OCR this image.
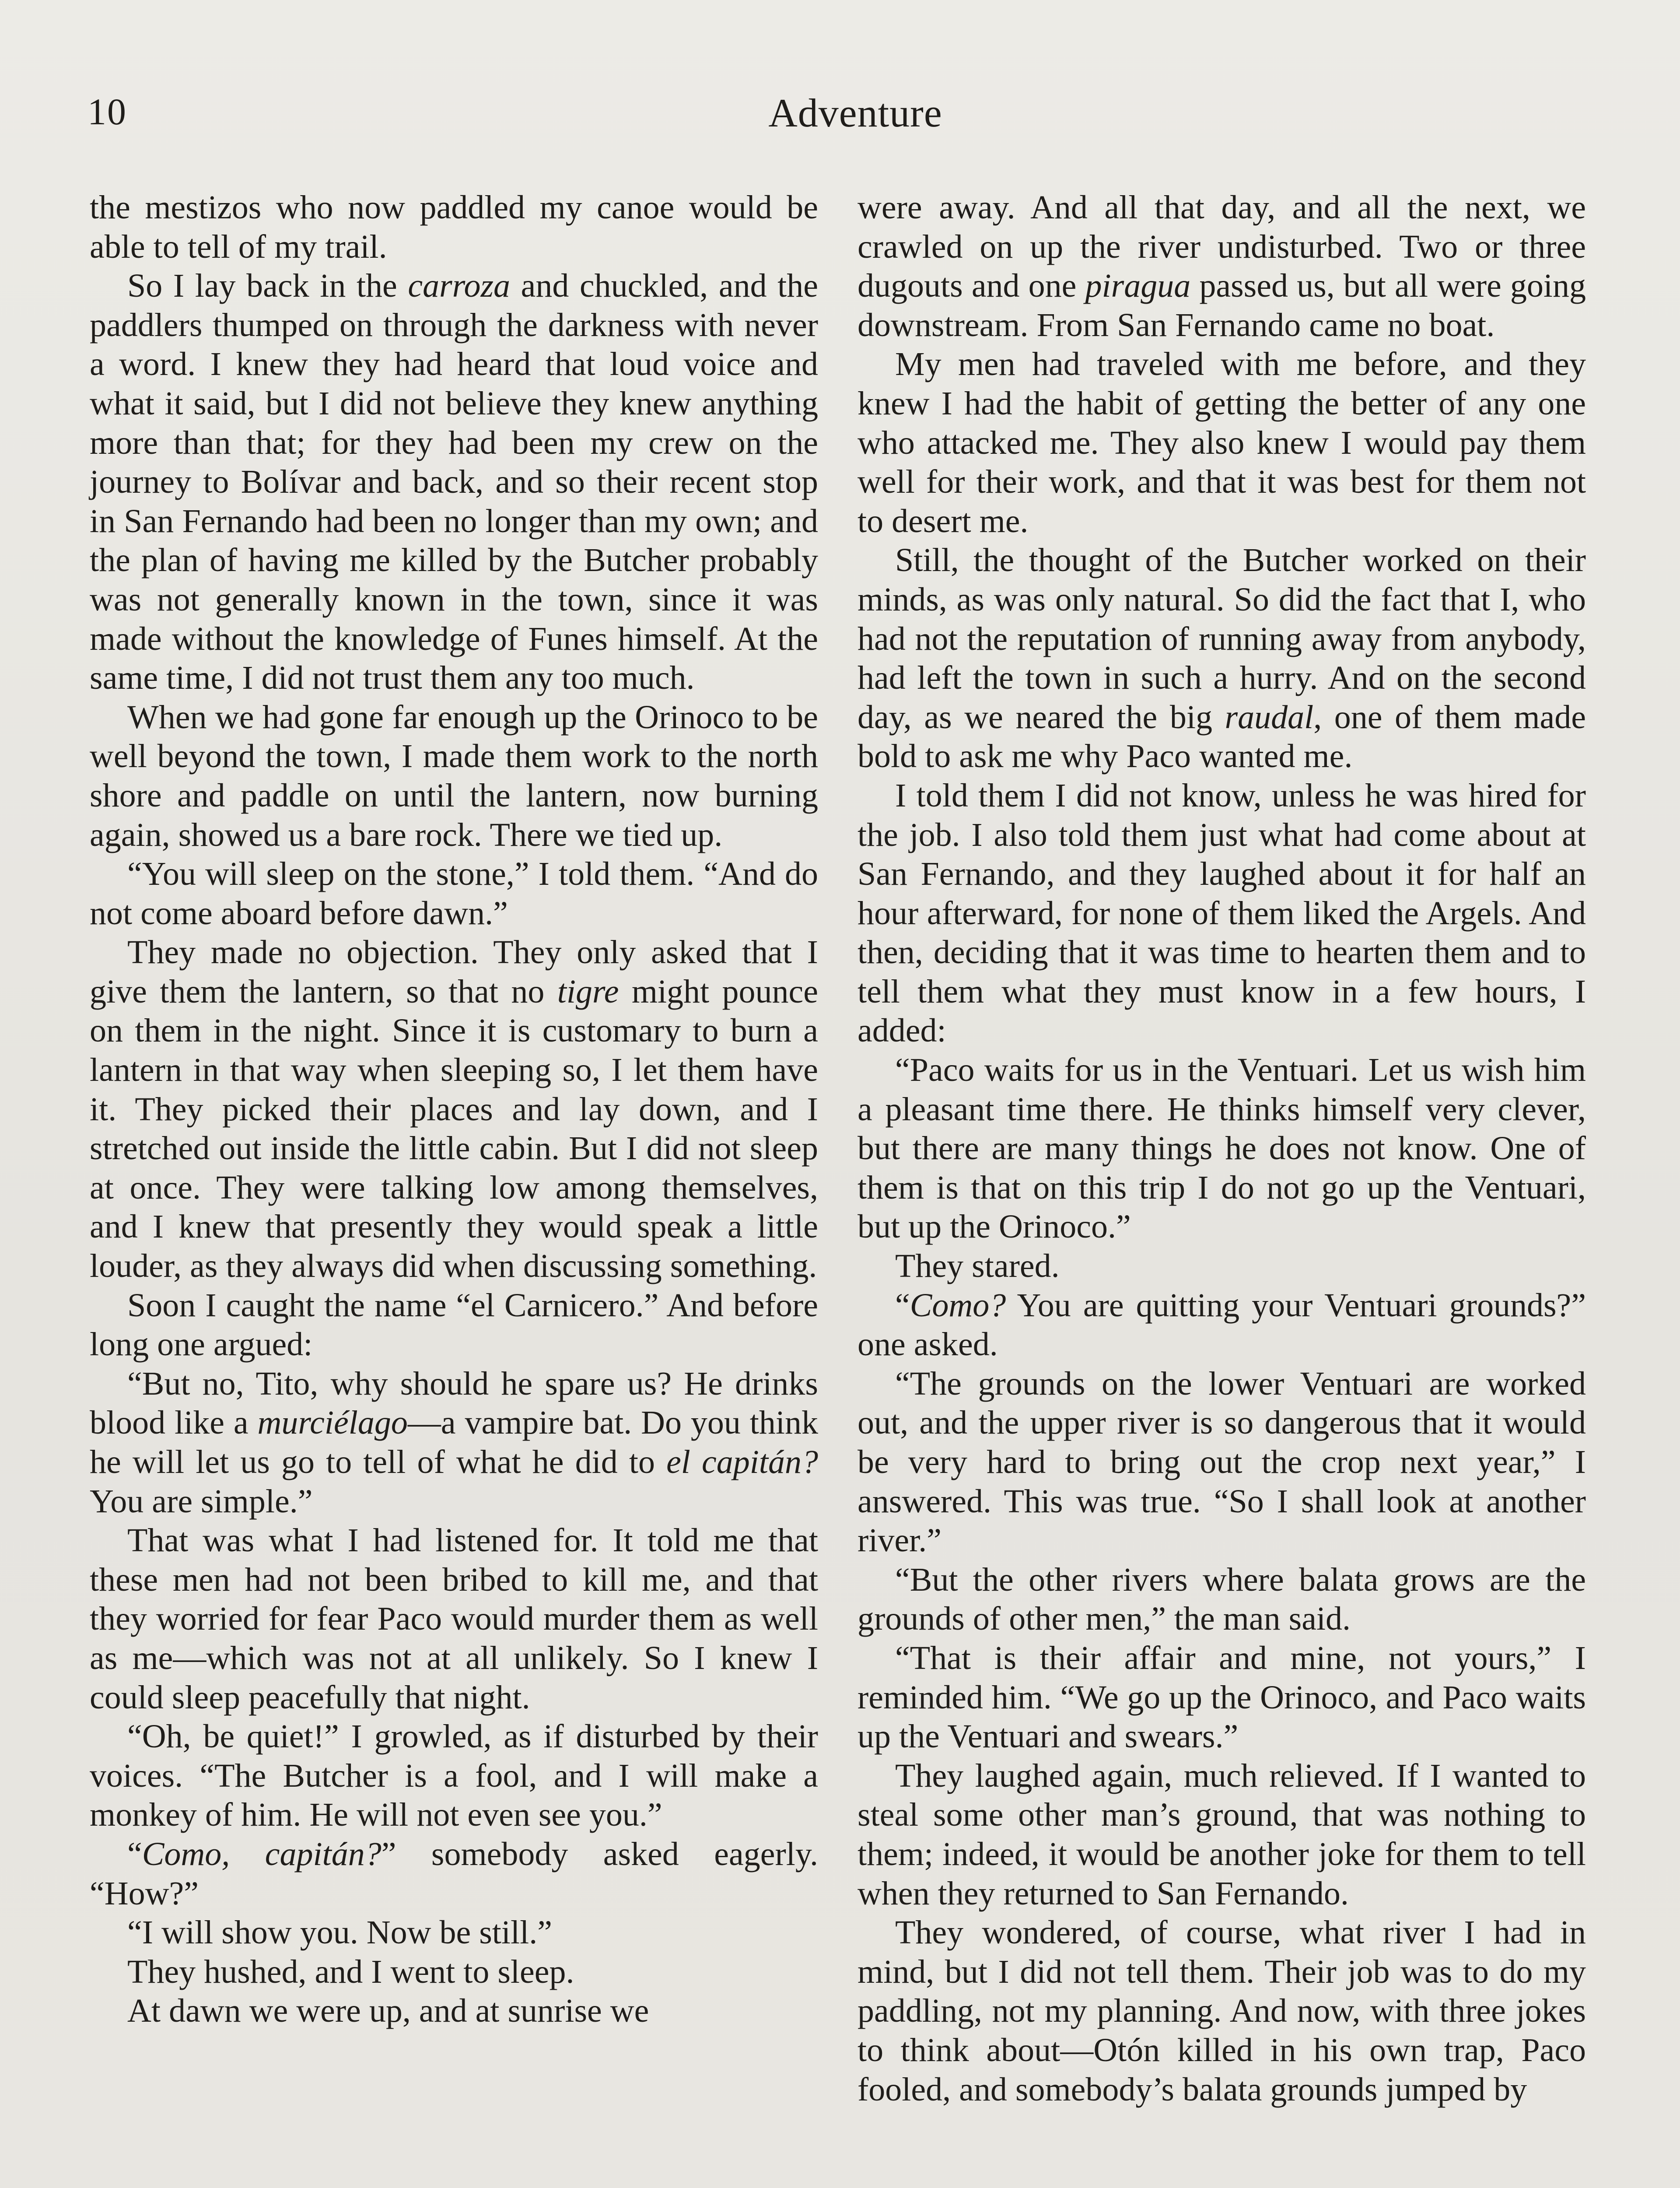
10	Adventure

the mestizos who now paddled my canoe would be able to tell of my trail.

So I lay back in the carroza and chuckled, and the paddlers thumped on through the darkness with never a word. I knew they had heard that loud voice and what it said, but I did not believe they knew anything more than that; for they had been my crew on the journey to Bolívar and back, and so their recent stop in San Fernando had been no longer than my own; and the plan of having me killed by the Butcher probably was not generally known in the town, since it was made without the knowledge of Funes himself. At the same time, I did not trust them any too much.

When we had gone far enough up the Orinoco to be well beyond the town, I made them work to the north shore and paddle on until the lantern, now burning again, showed us a bare rock. There we tied up.

“You will sleep on the stone,” I told them. “And do not come aboard before dawn.”

They made no objection. They only asked that I give them the lantern, so that no tigre might pounce on them in the night. Since it is customary to burn a lantern in that way when sleeping so, I let them have it. They picked their places and lay down, and I stretched out inside the little cabin. But I did not sleep at once. They were talking low among themselves, and I knew that presently they would speak a little louder, as they always did when discussing something.

Soon I caught the name “el Carnicero.” And before long one argued:

“But no, Tito, why should he spare us? He drinks blood like a murciélago—a vampire bat. Do you think he will let us go to tell of what he did to el capitán? You are simple.”

That was what I had listened for. It told me that these men had not been bribed to kill me, and that they worried for fear Paco would murder them as well as me—which was not at all unlikely. So I knew I could sleep peacefully that night.

“Oh, be quiet!” I growled, as if disturbed by their voices. “The Butcher is a fool, and I will make a monkey of him. He will not even see you.”

“Como, capitán?” somebody asked eagerly. “How?”

“I will show you. Now be still.”

They hushed, and I went to sleep.

At dawn we were up, and at sunrise we

were away. And all that day, and all the next, we crawled on up the river undisturbed. Two or three dugouts and one piragua passed us, but all were going downstream. From San Fernando came no boat.

My men had traveled with me before, and they knew I had the habit of getting the better of any one who attacked me. They also knew I would pay them well for their work, and that it was best for them not to desert me.

Still, the thought of the Butcher worked on their minds, as was only natural. So did the fact that I, who had not the reputation of running away from anybody, had left the town in such a hurry. And on the second day, as we neared the big raudal, one of them made bold to ask me why Paco wanted me.

I told them I did not know, unless he was hired for the job. I also told them just what had come about at San Fernando, and they laughed about it for half an hour afterward, for none of them liked the Argels. And then, deciding that it was time to hearten them and to tell them what they must know in a few hours, I added:

“Paco waits for us in the Ventuari. Let us wish him a pleasant time there. He thinks himself very clever, but there are many things he does not know. One of them is that on this trip I do not go up the Ventuari, but up the Orinoco.”

They stared.

“Como? You are quitting your Ventuari grounds?” one asked.

“The grounds on the lower Ventuari are worked out, and the upper river is so dangerous that it would be very hard to bring out the crop next year,” I answered. This was true. “So I shall look at another river.”

“But the other rivers where balata grows are the grounds of other men,” the man said.

“That is their affair and mine, not yours,” I reminded him. “We go up the Orinoco, and Paco waits up the Ventuari and swears.”

They laughed again, much relieved. If I wanted to steal some other man’s ground, that was nothing to them; indeed, it would be another joke for them to tell when they returned to San Fernando.

They wondered, of course, what river I had in mind, but I did not tell them. Their job was to do my paddling, not my planning. And now, with three jokes to think about—Otón killed in his own trap, Paco fooled, and somebody’s balata grounds jumped by
